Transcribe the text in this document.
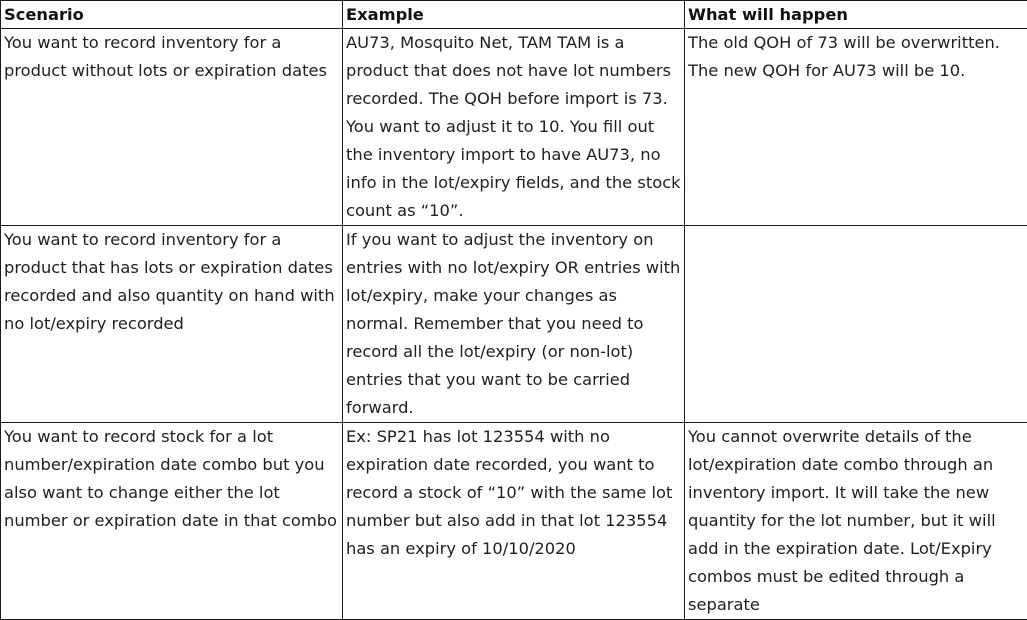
Scenario	Example	What will happen

You want to record inventory for a product without lots or expiration dates	AU73, Mosquito Net, TAM TAM is a product that does not have lot numbers recorded. The QOH before import is 73. You want to adjust it to 10. You fill out the inventory import to have AU73, no info in the lot/expiry fields, and the stock count as “10”.	The old QOH of 73 will be overwritten. The new QOH for AU73 will be 10.

You want to record inventory for a product that has lots or expiration dates recorded and also quantity on hand with no lot/expiry recorded	If you want to adjust the inventory on entries with no lot/expiry OR entries with lot/expiry, make your changes as normal. Remember that you need to record all the lot/expiry (or non-lot) entries that you want to be carried forward.	

You want to record stock for a lot number/expiration date combo but you also want to change either the lot number or expiration date in that combo	Ex: SP21 has lot 123554 with no expiration date recorded, you want to record a stock of “10” with the same lot number but also add in that lot 123554 has an expiry of 10/10/2020	You cannot overwrite details of the lot/expiration date combo through an inventory import. It will take the new quantity for the lot number, but it will add in the expiration date. Lot/Expiry combos must be edited through a separate
